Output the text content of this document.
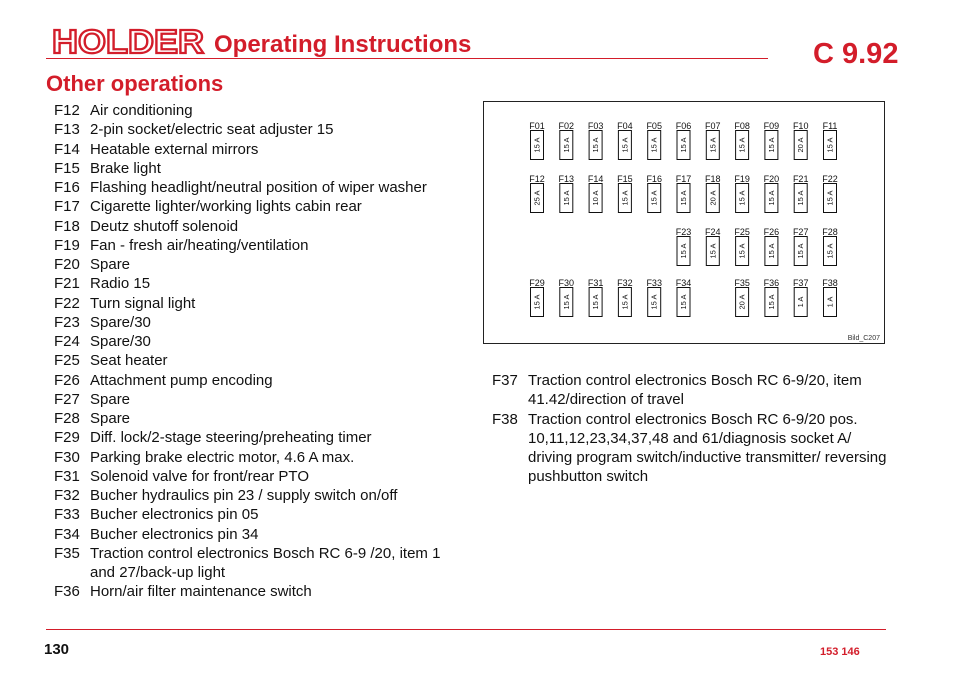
HOLDER Operating Instructions	C 9.92
Other operations
F12 Air conditioning
F13 2-pin socket/electric seat adjuster 15
F14 Heatable external mirrors
F15 Brake light
F16 Flashing headlight/neutral position of wiper washer
F17 Cigarette lighter/working lights cabin rear
F18 Deutz shutoff solenoid
F19 Fan - fresh air/heating/ventilation
F20 Spare
F21 Radio 15
F22 Turn signal light
F23 Spare/30
F24 Spare/30
F25 Seat heater
F26 Attachment pump encoding
F27 Spare
F28 Spare
F29 Diff. lock/2-stage steering/preheating timer
F30 Parking brake electric motor, 4.6 A max.
F31 Solenoid valve for front/rear PTO
F32 Bucher hydraulics pin 23 / supply switch on/off
F33 Bucher electronics pin 05
F34 Bucher electronics pin 34
F35 Traction control electronics Bosch RC 6-9 /20, item 1 and 27/back-up light
F36 Horn/air filter maintenance switch
F01
15 A
F02
15 A
F03
15 A
F04
15 A
F05
15 A
F06
15 A
F07
15 A
F08
15 A
F09
15 A
F10
20 A
F11
15 A
F12
25 A
F13
15 A
F14
10 A
F15
15 A
F16
15 A
F17
15 A
F18
20 A
F19
15 A
F20
15 A
F21
15 A
F22
15 A
F23
15 A
F24
15 A
F25
15 A
F26
15 A
F27
15 A
F28
15 A
F29
15 A
F30
15 A
F31
15 A
F32
15 A
F33
15 A
F34
15 A
F35
20 A
F36
15 A
F37
1 A
F38
1 A
Bild_C207
F37 Traction control electronics Bosch RC 6-9/20, item 41.42/direction of travel
F38 Traction control electronics Bosch RC 6-9/20 pos. 10,11,12,23,34,37,48 and 61/diagnosis socket A/ driving program switch/inductive transmitter/ reversing pushbutton switch
130	153 146
